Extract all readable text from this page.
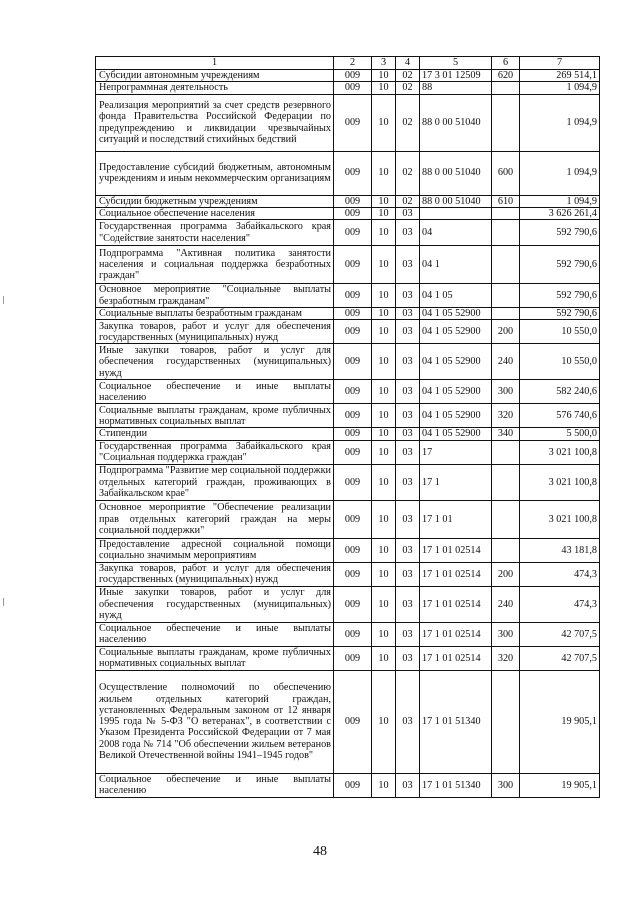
1	2	3	4	5	6	7
Субсидии автономным учреждениям	009	10	02	17 3 01 12509	620	269 514,1
Непрограммная деятельность	009	10	02	88		1 094,9
Реализация мероприятий за счет средств резервного фонда Правительства Российской Федерации по предупреждению и ликвидации чрезвычайных ситуаций и последствий стихийных бедствий	009	10	02	88 0 00 51040		1 094,9
Предоставление субсидий бюджетным, автономным учреждениям и иным некоммерческим организациям	009	10	02	88 0 00 51040	600	1 094,9
Субсидии бюджетным учреждениям	009	10	02	88 0 00 51040	610	1 094,9
Социальное обеспечение населения	009	10	03			3 626 261,4
Государственная программа Забайкальского края "Содействие занятости населения"	009	10	03	04		592 790,6
Подпрограмма "Активная политика занятости населения и социальная поддержка безработных граждан"	009	10	03	04 1		592 790,6
Основное мероприятие "Социальные выплаты безработным гражданам"	009	10	03	04 1 05		592 790,6
Социальные выплаты безработным гражданам	009	10	03	04 1 05 52900		592 790,6
Закупка товаров, работ и услуг для обеспечения государственных (муниципальных) нужд	009	10	03	04 1 05 52900	200	10 550,0
Иные закупки товаров, работ и услуг для обеспечения государственных (муниципальных) нужд	009	10	03	04 1 05 52900	240	10 550,0
Социальное обеспечение и иные выплаты населению	009	10	03	04 1 05 52900	300	582 240,6
Социальные выплаты гражданам, кроме публичных нормативных социальных выплат	009	10	03	04 1 05 52900	320	576 740,6
Стипендии	009	10	03	04 1 05 52900	340	5 500,0
Государственная программа Забайкальского края "Социальная поддержка граждан"	009	10	03	17		3 021 100,8
Подпрограмма "Развитие мер социальной поддержки отдельных категорий граждан, проживающих в Забайкальском крае"	009	10	03	17 1		3 021 100,8
Основное мероприятие "Обеспечение реализации прав отдельных категорий граждан на меры социальной поддержки"	009	10	03	17 1 01		3 021 100,8
Предоставление адресной социальной помощи социально значимым мероприятиям	009	10	03	17 1 01 02514		43 181,8
Закупка товаров, работ и услуг для обеспечения государственных (муниципальных) нужд	009	10	03	17 1 01 02514	200	474,3
Иные закупки товаров, работ и услуг для обеспечения государственных (муниципальных) нужд	009	10	03	17 1 01 02514	240	474,3
Социальное обеспечение и иные выплаты населению	009	10	03	17 1 01 02514	300	42 707,5
Социальные выплаты гражданам, кроме публичных нормативных социальных выплат	009	10	03	17 1 01 02514	320	42 707,5
Осуществление полномочий по обеспечению жильем отдельных категорий граждан, установленных Федеральным законом от 12 января 1995 года № 5-ФЗ "О ветеранах", в соответствии с Указом Президента Российской Федерации от 7 мая 2008 года № 714 "Об обеспечении жильем ветеранов Великой Отечественной войны 1941–1945 годов"	009	10	03	17 1 01 51340		19 905,1
Социальное обеспечение и иные выплаты населению	009	10	03	17 1 01 51340	300	19 905,1
48
